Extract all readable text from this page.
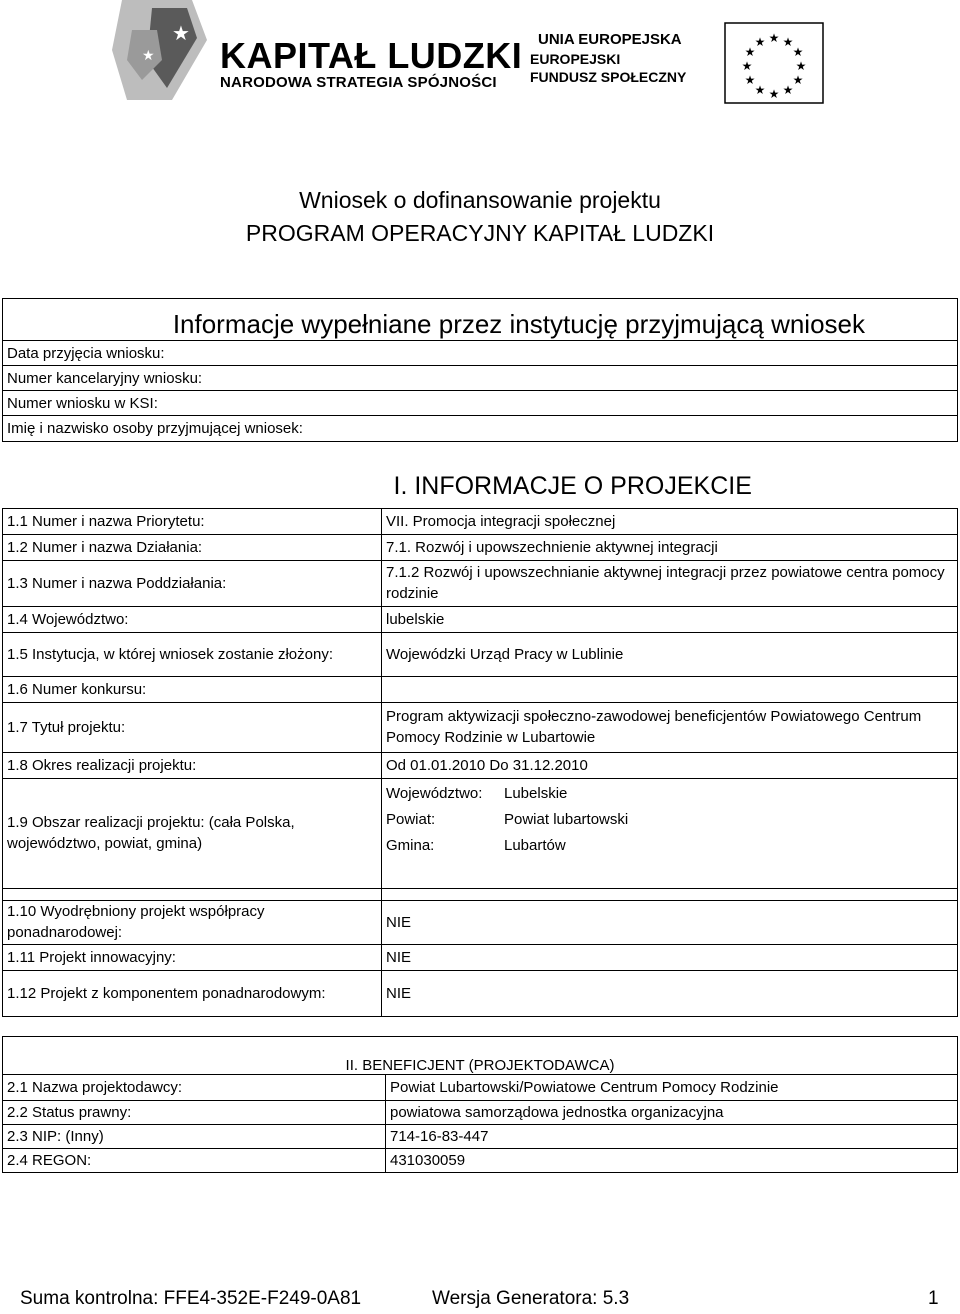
★
★ KAPITAŁ LUDZKI
NARODOWA STRATEGIA SPÓJNOŚCI
UNIA EUROPEJSKA
EUROPEJSKI
FUNDUSZ SPOŁECZNY
★ ★
★
★
★
★
★
★
★
★
★
★
Wniosek o dofinansowanie projektu
PROGRAM OPERACYJNY KAPITAŁ LUDZKI
Informacje wypełniane przez instytucję przyjmującą wniosek
Data przyjęcia wniosku:
Numer kancelaryjny wniosku:
Numer wniosku w KSI:
Imię i nazwisko osoby przyjmującej wniosek:
	I. INFORMACJE O PROJEKCIE
1.1 Numer i nazwa Priorytetu:	VII. Promocja integracji społecznej
1.2 Numer i nazwa Działania:	7.1. Rozwój i upowszechnienie aktywnej integracji
1.3 Numer i nazwa Poddziałania:	7.1.2 Rozwój i upowszechnianie aktywnej integracji przez powiatowe centra pomocy rodzinie
1.4 Województwo:	lubelskie
1.5 Instytucja, w której wniosek zostanie złożony:	Wojewódzki Urząd Pracy w Lublinie
1.6 Numer konkursu:	
1.7 Tytuł projektu:	Program aktywizacji społeczno-zawodowej beneficjentów Powiatowego Centrum Pomocy Rodzinie w Lubartowie
1.8 Okres realizacji projektu:	Od 01.01.2010 Do 31.12.2010
1.9 Obszar realizacji projektu: (cała Polska, województwo, powiat, gmina)	Województwo: Lubelskie
Powiat: Powiat lubartowski
Gmina: Lubartów

1.10 Wyodrębniony projekt współpracy ponadnarodowej:	NIE
1.11 Projekt innowacyjny:	NIE
1.12 Projekt z komponentem ponadnarodowym:	NIE
II. BENEFICJENT (PROJEKTODAWCA)	
2.1 Nazwa projektodawcy:	Powiat Lubartowski/Powiatowe Centrum Pomocy Rodzinie
2.2 Status prawny:	powiatowa samorządowa jednostka organizacyjna
2.3 NIP: (Inny)	714-16-83-447
2.4 REGON:	431030059
Suma kontrolna: FFE4-352E-F249-0A81	Wersja Generatora: 5.3	1
